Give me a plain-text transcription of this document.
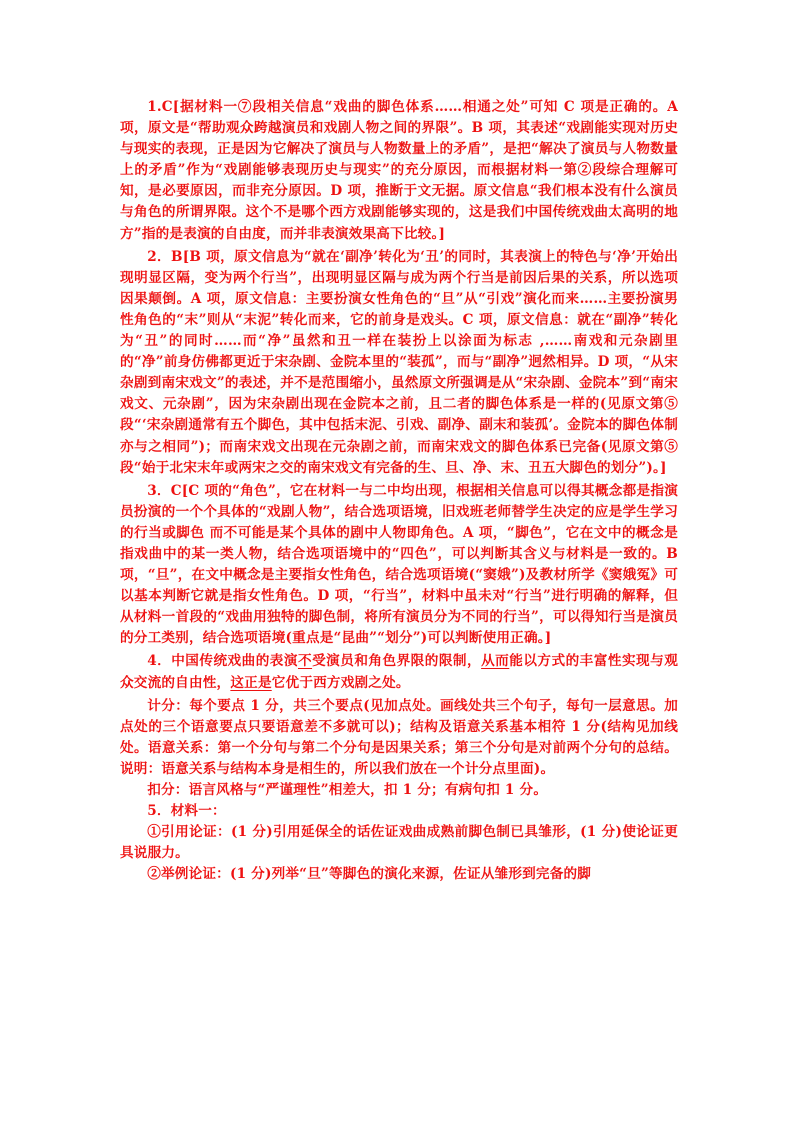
1.C[据材料一⑦段相关信息“戏曲的脚色体系……相通之处”可知 C 项是正确的。A 项，原文是“帮助观众跨越演员和戏剧人物之间的界限”。B 项，其表述“戏剧能实现对历史与现实的表现，正是因为它解决了演员与人物数量上的矛盾”，是把“解决了演员与人物数量上的矛盾”作为“戏剧能够表现历史与现实”的充分原因，而根据材料一第②段综合理解可知，是必要原因，而非充分原因。D 项，推断于文无据。原文信息“我们根本没有什么演员与角色的所谓界限。这个不是哪个西方戏剧能够实现的，这是我们中国传统戏曲太高明的地方”指的是表演的自由度，而并非表演效果高下比较。]

2．B[B 项，原文信息为“就在‘副净’转化为‘丑’的同时，其表演上的特色与‘净’开始出现明显区隔，变为两个行当”，出现明显区隔与成为两个行当是前因后果的关系，所以选项因果颠倒。A 项，原文信息：主要扮演女性角色的“旦”从“引戏”演化而来……主要扮演男性角色的“末”则从“末泥”转化而来，它的前身是戏头。C 项，原文信息：就在“副净”转化为“丑”的同时……而“净”虽然和丑一样在装扮上以涂面为标志 ,……南戏和元杂剧里的“净”前身仿佛都更近于宋杂剧、金院本里的“装孤”，而与“副净”迥然相异。D 项，“从宋杂剧到南宋戏文”的表述，并不是范围缩小，虽然原文所强调是从“宋杂剧、金院本”到“南宋戏文、元杂剧”，因为宋杂剧出现在金院本之前，且二者的脚色体系是一样的(见原文第⑤段“‘宋杂剧通常有五个脚色，其中包括末泥、引戏、副净、副末和装孤’。金院本的脚色体制亦与之相同”)；而南宋戏文出现在元杂剧之前，而南宋戏文的脚色体系已完备(见原文第⑤段“始于北宋末年或两宋之交的南宋戏文有完备的生、旦、净、末、丑五大脚色的划分”)。]

3．C[C 项的“角色”，它在材料一与二中均出现，根据相关信息可以得其概念都是指演员扮演的一个个具体的“戏剧人物”，结合选项语境，旧戏班老师替学生决定的应是学生学习的行当或脚色 而不可能是某个具体的剧中人物即角色。A 项，“脚色”，它在文中的概念是指戏曲中的某一类人物，结合选项语境中的“四色”，可以判断其含义与材料是一致的。B 项，“旦”，在文中概念是主要指女性角色，结合选项语境(“窦娥”)及教材所学《窦娥冤》可以基本判断它就是指女性角色。D 项，“行当”，材料中虽未对“行当”进行明确的解释，但从材料一首段的“戏曲用独特的脚色制，将所有演员分为不同的行当”，可以得知行当是演员的分工类别，结合选项语境(重点是“昆曲”“划分”)可以判断使用正确。]

4．中国传统戏曲的表演不受演员和角色界限的限制，从而能以方式的丰富性实现与观众交流的自由性，这正是它优于西方戏剧之处。

计分：每个要点 1 分，共三个要点(见加点处。画线处共三个句子，每句一层意思。加点处的三个语意要点只要语意差不多就可以)；结构及语意关系基本相符 1 分(结构见加线处。语意关系：第一个分句与第二个分句是因果关系；第三个分句是对前两个分句的总结。说明：语意关系与结构本身是相生的，所以我们放在一个计分点里面)。

扣分：语言风格与“严谨理性”相差大，扣 1 分；有病句扣 1 分。

5．材料一：

①引用论证：(1 分)引用延保全的话佐证戏曲成熟前脚色制已具雏形，(1 分)使论证更具说服力。

②举例论证：(1 分)列举“旦”等脚色的演化来源，佐证从雏形到完备的脚
